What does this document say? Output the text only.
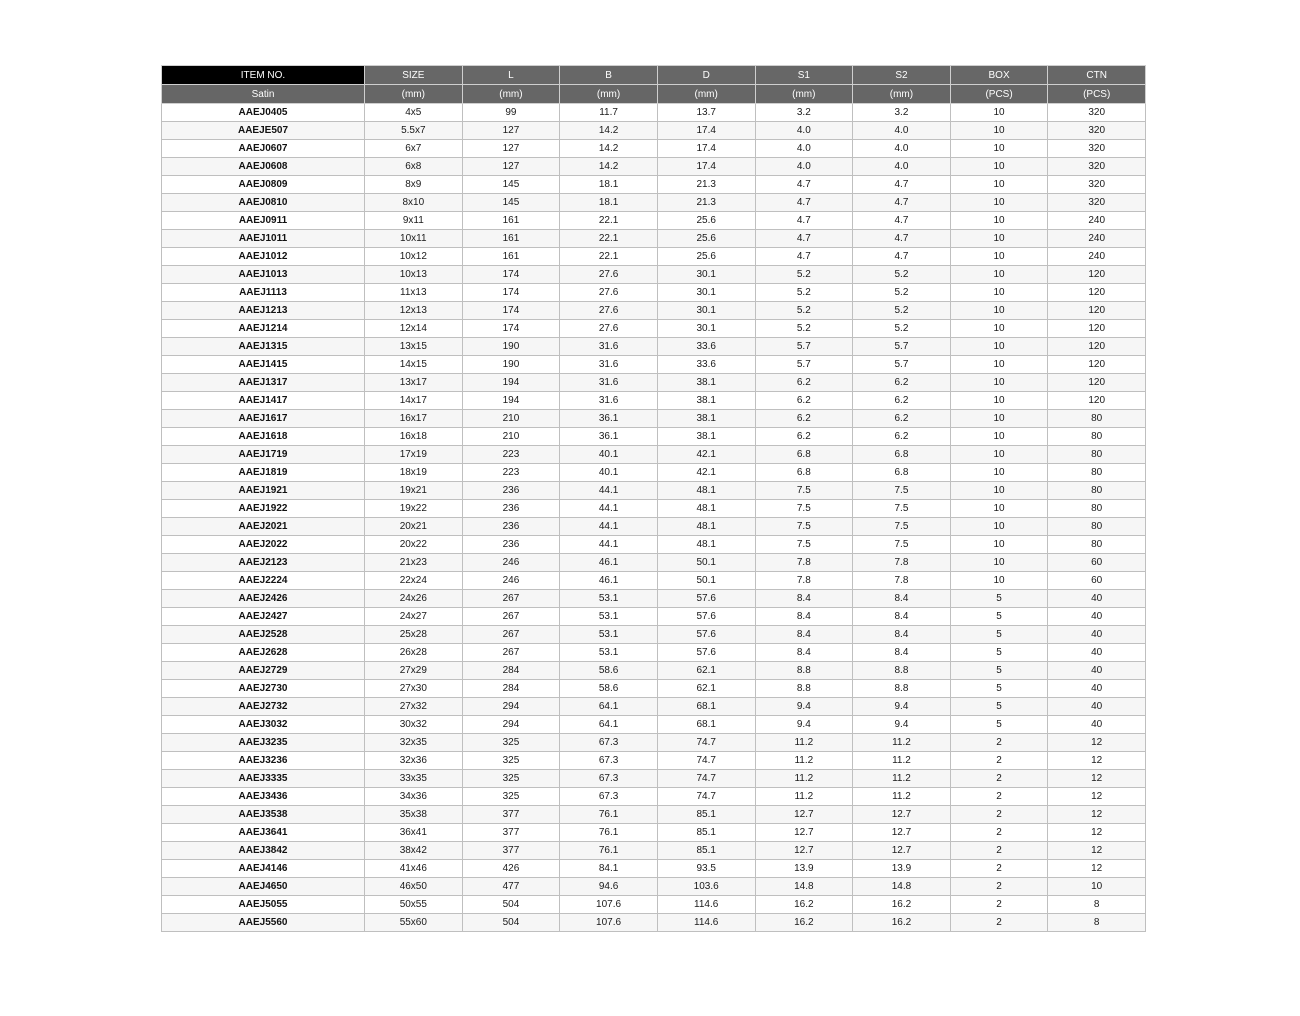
ITEM NO.	SIZE	L	B	D	S1	S2	BOX	CTN
Satin	(mm)	(mm)	(mm)	(mm)	(mm)	(mm)	(PCS)	(PCS)
AAEJ0405	4x5	99	11.7	13.7	3.2	3.2	10	320
AAEJE507	5.5x7	127	14.2	17.4	4.0	4.0	10	320
AAEJ0607	6x7	127	14.2	17.4	4.0	4.0	10	320
AAEJ0608	6x8	127	14.2	17.4	4.0	4.0	10	320
AAEJ0809	8x9	145	18.1	21.3	4.7	4.7	10	320
AAEJ0810	8x10	145	18.1	21.3	4.7	4.7	10	320
AAEJ0911	9x11	161	22.1	25.6	4.7	4.7	10	240
AAEJ1011	10x11	161	22.1	25.6	4.7	4.7	10	240
AAEJ1012	10x12	161	22.1	25.6	4.7	4.7	10	240
AAEJ1013	10x13	174	27.6	30.1	5.2	5.2	10	120
AAEJ1113	11x13	174	27.6	30.1	5.2	5.2	10	120
AAEJ1213	12x13	174	27.6	30.1	5.2	5.2	10	120
AAEJ1214	12x14	174	27.6	30.1	5.2	5.2	10	120
AAEJ1315	13x15	190	31.6	33.6	5.7	5.7	10	120
AAEJ1415	14x15	190	31.6	33.6	5.7	5.7	10	120
AAEJ1317	13x17	194	31.6	38.1	6.2	6.2	10	120
AAEJ1417	14x17	194	31.6	38.1	6.2	6.2	10	120
AAEJ1617	16x17	210	36.1	38.1	6.2	6.2	10	80
AAEJ1618	16x18	210	36.1	38.1	6.2	6.2	10	80
AAEJ1719	17x19	223	40.1	42.1	6.8	6.8	10	80
AAEJ1819	18x19	223	40.1	42.1	6.8	6.8	10	80
AAEJ1921	19x21	236	44.1	48.1	7.5	7.5	10	80
AAEJ1922	19x22	236	44.1	48.1	7.5	7.5	10	80
AAEJ2021	20x21	236	44.1	48.1	7.5	7.5	10	80
AAEJ2022	20x22	236	44.1	48.1	7.5	7.5	10	80
AAEJ2123	21x23	246	46.1	50.1	7.8	7.8	10	60
AAEJ2224	22x24	246	46.1	50.1	7.8	7.8	10	60
AAEJ2426	24x26	267	53.1	57.6	8.4	8.4	5	40
AAEJ2427	24x27	267	53.1	57.6	8.4	8.4	5	40
AAEJ2528	25x28	267	53.1	57.6	8.4	8.4	5	40
AAEJ2628	26x28	267	53.1	57.6	8.4	8.4	5	40
AAEJ2729	27x29	284	58.6	62.1	8.8	8.8	5	40
AAEJ2730	27x30	284	58.6	62.1	8.8	8.8	5	40
AAEJ2732	27x32	294	64.1	68.1	9.4	9.4	5	40
AAEJ3032	30x32	294	64.1	68.1	9.4	9.4	5	40
AAEJ3235	32x35	325	67.3	74.7	11.2	11.2	2	12
AAEJ3236	32x36	325	67.3	74.7	11.2	11.2	2	12
AAEJ3335	33x35	325	67.3	74.7	11.2	11.2	2	12
AAEJ3436	34x36	325	67.3	74.7	11.2	11.2	2	12
AAEJ3538	35x38	377	76.1	85.1	12.7	12.7	2	12
AAEJ3641	36x41	377	76.1	85.1	12.7	12.7	2	12
AAEJ3842	38x42	377	76.1	85.1	12.7	12.7	2	12
AAEJ4146	41x46	426	84.1	93.5	13.9	13.9	2	12
AAEJ4650	46x50	477	94.6	103.6	14.8	14.8	2	10
AAEJ5055	50x55	504	107.6	114.6	16.2	16.2	2	8
AAEJ5560	55x60	504	107.6	114.6	16.2	16.2	2	8
